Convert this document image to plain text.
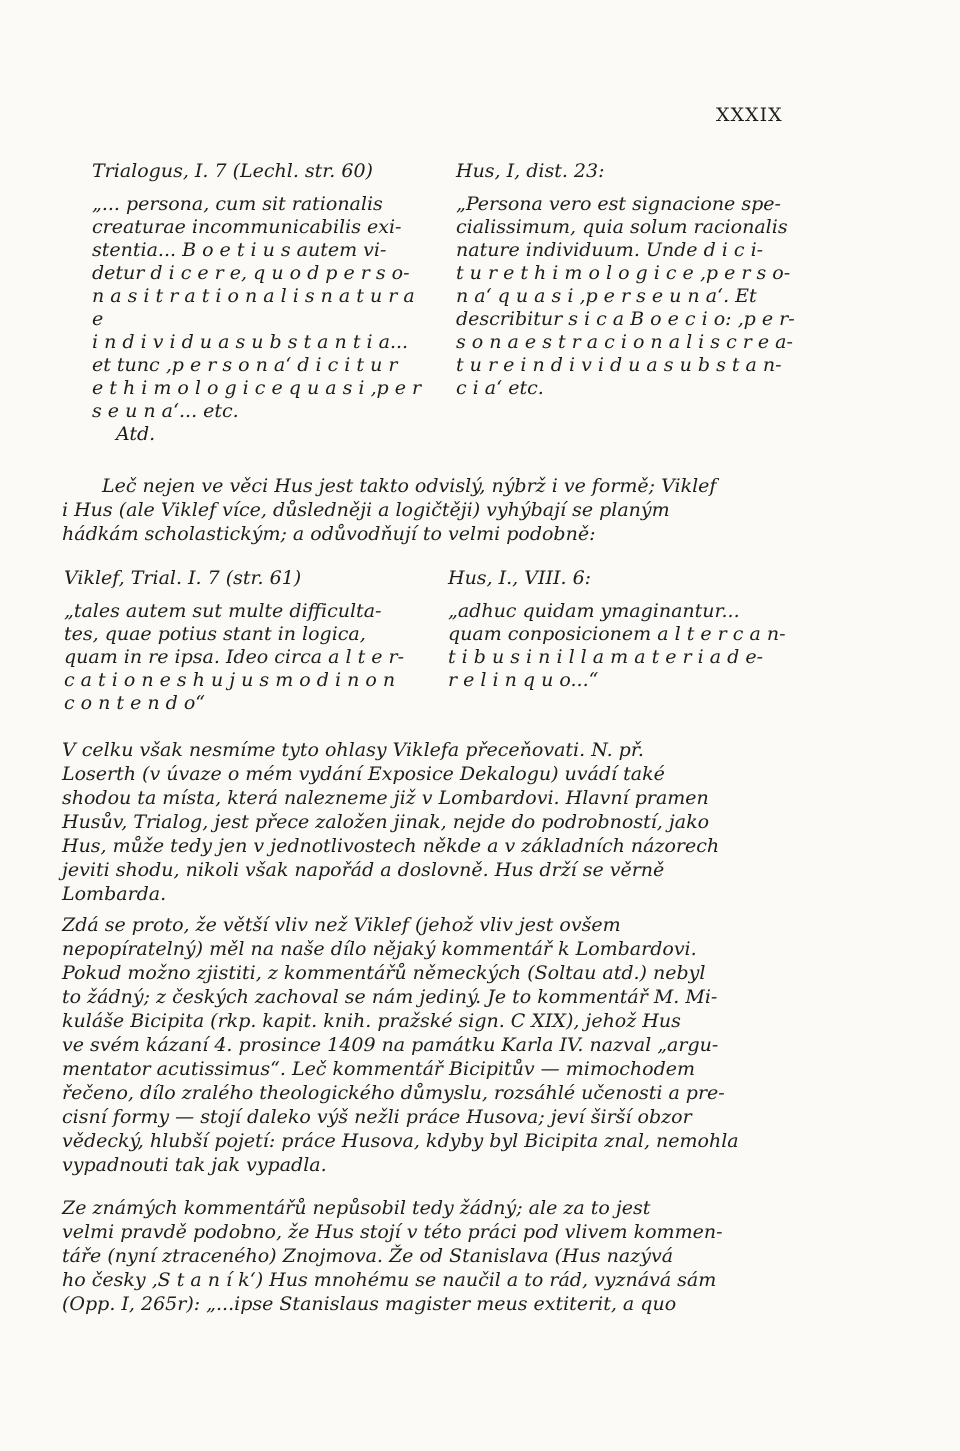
XXXIX
Trialogus, I. 7 (Lechl. str. 60)
„... persona, cum sit rationalis
creaturae incommunicabilis exi-
stentia... B o e t i u s autem vi-
detur d i c e r e, q u o d p e r s o-
n a s i t r a t i o n a l i s n a t u r a e
i n d i v i d u a s u b s t a n t i a...
et tunc ‚p e r s o n a‘ d i c i t u r
e t h i m o l o g i c e q u a s i ‚p e r
s e u n a‘... etc.
Atd.
Hus, I, dist. 23:
„Persona vero est signacione spe-
cialissimum, quia solum racionalis
nature individuum. Unde d i c i-
t u r e t h i m o l o g i c e ‚p e r s o-
n a‘ q u a s i ‚p e r s e u n a‘. Et
describitur s i c a B o e c i o: ‚p e r-
s o n a e s t r a c i o n a l i s c r e a-
t u r e i n d i v i d u a s u b s t a n-
c i a‘ etc.
Leč nejen ve věci Hus jest takto odvislý, nýbrž i ve formě; Viklef
i Hus (ale Viklef více, důsledněji a logičtěji) vyhýbají se planým
hádkám scholastickým; a odůvodňují to velmi podobně:
Viklef, Trial. I. 7 (str. 61)
„tales autem sut multe difficulta-
tes, quae potius stant in logica,
quam in re ipsa. Ideo circa a l t e r-
c a t i o n e s h u j u s m o d i n o n
c o n t e n d o“
Hus, I., VIII. 6:
„adhuc quidam ymaginantur...
quam conposicionem a l t e r c a n-
t i b u s i n i l l a m a t e r i a d e-
r e l i n q u o...“
V celku však nesmíme tyto ohlasy Viklefa přeceňovati. N. př.
Loserth (v úvaze o mém vydání Exposice Dekalogu) uvádí také
shodou ta místa, která nalezneme již v Lombardovi. Hlavní pramen
Husův, Trialog, jest přece založen jinak, nejde do podrobností, jako
Hus, může tedy jen v jednotlivostech někde a v základních názorech
jeviti shodu, nikoli však napořád a doslovně. Hus drží se věrně
Lombarda.
Zdá se proto, že větší vliv než Viklef (jehož vliv jest ovšem
nepopíratelný) měl na naše dílo nějaký kommentář k Lombardovi.
Pokud možno zjistiti, z kommentářů německých (Soltau atd.) nebyl
to žádný; z českých zachoval se nám jediný. Je to kommentář M. Mi-
kuláše Bicipita (rkp. kapit. knih. pražské sign. C XIX), jehož Hus
ve svém kázaní 4. prosince 1409 na památku Karla IV. nazval „argu-
mentator acutissimus“. Leč kommentář Bicipitův — mimochodem
řečeno, dílo zralého theologického důmyslu, rozsáhlé učenosti a pre-
cisní formy — stojí daleko výš nežli práce Husova; jeví širší obzor
vědecký, hlubší pojetí: práce Husova, kdyby byl Bicipita znal, nemohla
vypadnouti tak jak vypadla.
Ze známých kommentářů nepůsobil tedy žádný; ale za to jest
velmi pravdě podobno, že Hus stojí v této práci pod vlivem kommen-
táře (nyní ztraceného) Znojmova. Že od Stanislava (Hus nazývá
ho česky ‚S t a n í k‘) Hus mnohému se naučil a to rád, vyznává sám
(Opp. I, 265r): „...ipse Stanislaus magister meus extiterit, a quo
